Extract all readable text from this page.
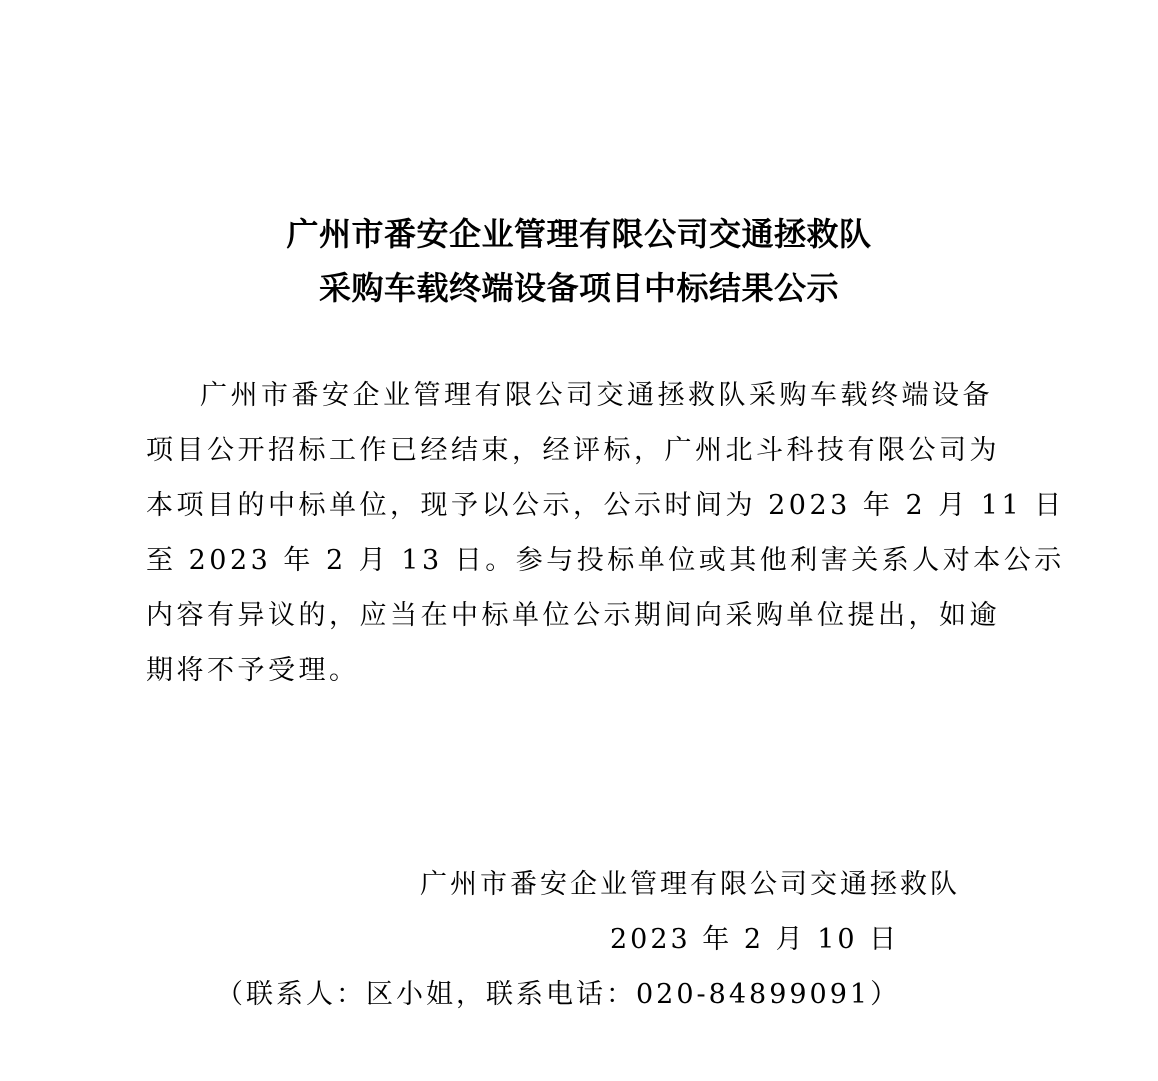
广州市番安企业管理有限公司交通拯救队
采购车载终端设备项目中标结果公示
广州市番安企业管理有限公司交通拯救队采购车载终端设备
项目公开招标工作已经结束，经评标，广州北斗科技有限公司为
本项目的中标单位，现予以公示，公示时间为 2023 年 2 月 11 日
至 2023 年 2 月 13 日。参与投标单位或其他利害关系人对本公示
内容有异议的，应当在中标单位公示期间向采购单位提出，如逾
期将不予受理。
广州市番安企业管理有限公司交通拯救队
2023 年 2 月 10 日
（联系人：区小姐，联系电话：020-84899091）
